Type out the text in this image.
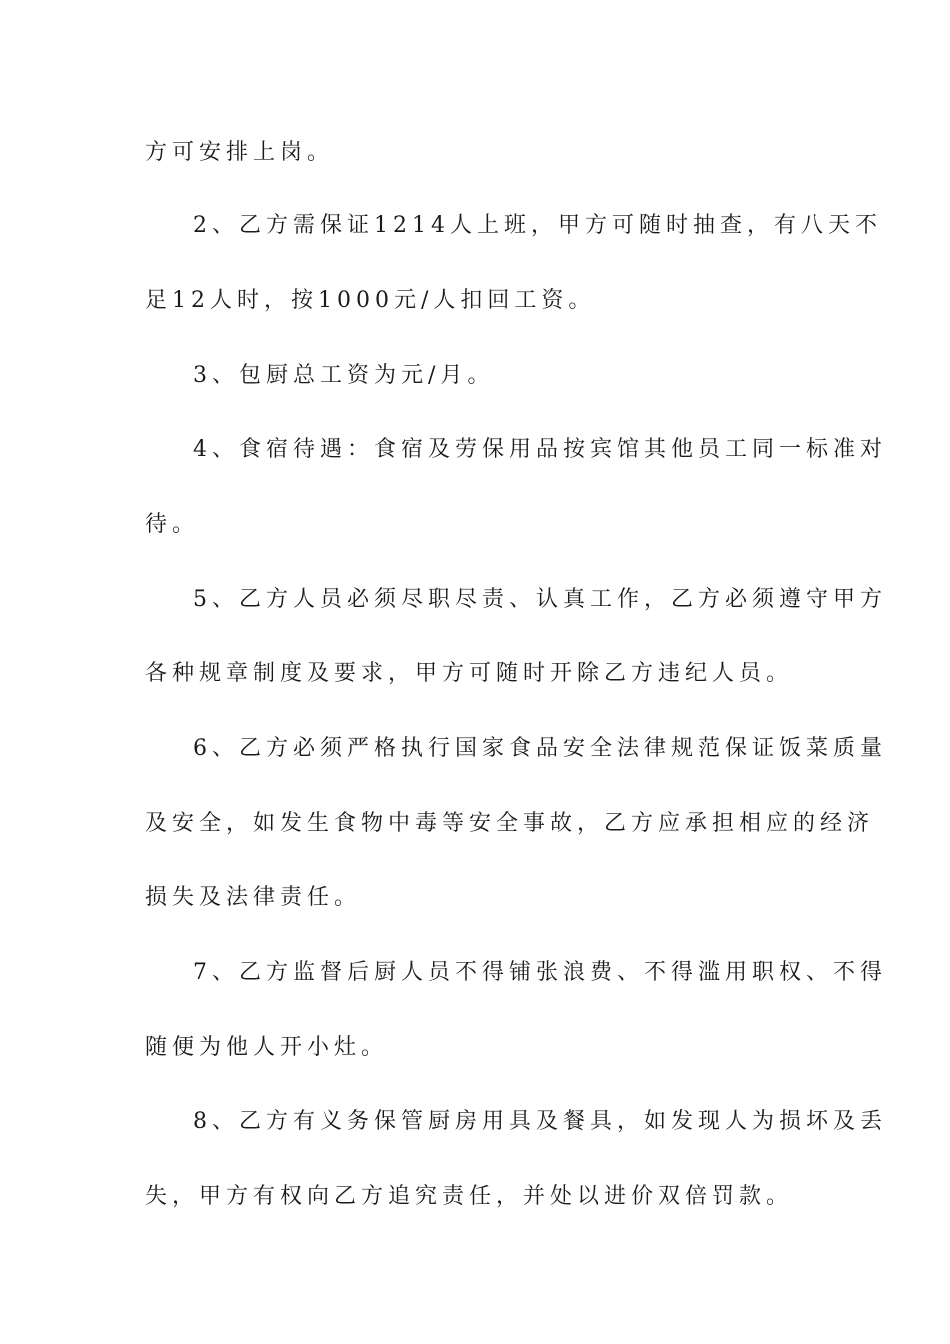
方可安排上岗。
2、乙方需保证1214人上班，甲方可随时抽查，有八天不
足12人时，按1000元/人扣回工资。
3、包厨总工资为元/月。
4、食宿待遇：食宿及劳保用品按宾馆其他员工同一标准对
待。
5、乙方人员必须尽职尽责、认真工作，乙方必须遵守甲方
各种规章制度及要求，甲方可随时开除乙方违纪人员。
6、乙方必须严格执行国家食品安全法律规范保证饭菜质量
及安全，如发生食物中毒等安全事故，乙方应承担相应的经济
损失及法律责任。
7、乙方监督后厨人员不得铺张浪费、不得滥用职权、不得
随便为他人开小灶。
8、乙方有义务保管厨房用具及餐具，如发现人为损坏及丢
失，甲方有权向乙方追究责任，并处以进价双倍罚款。
